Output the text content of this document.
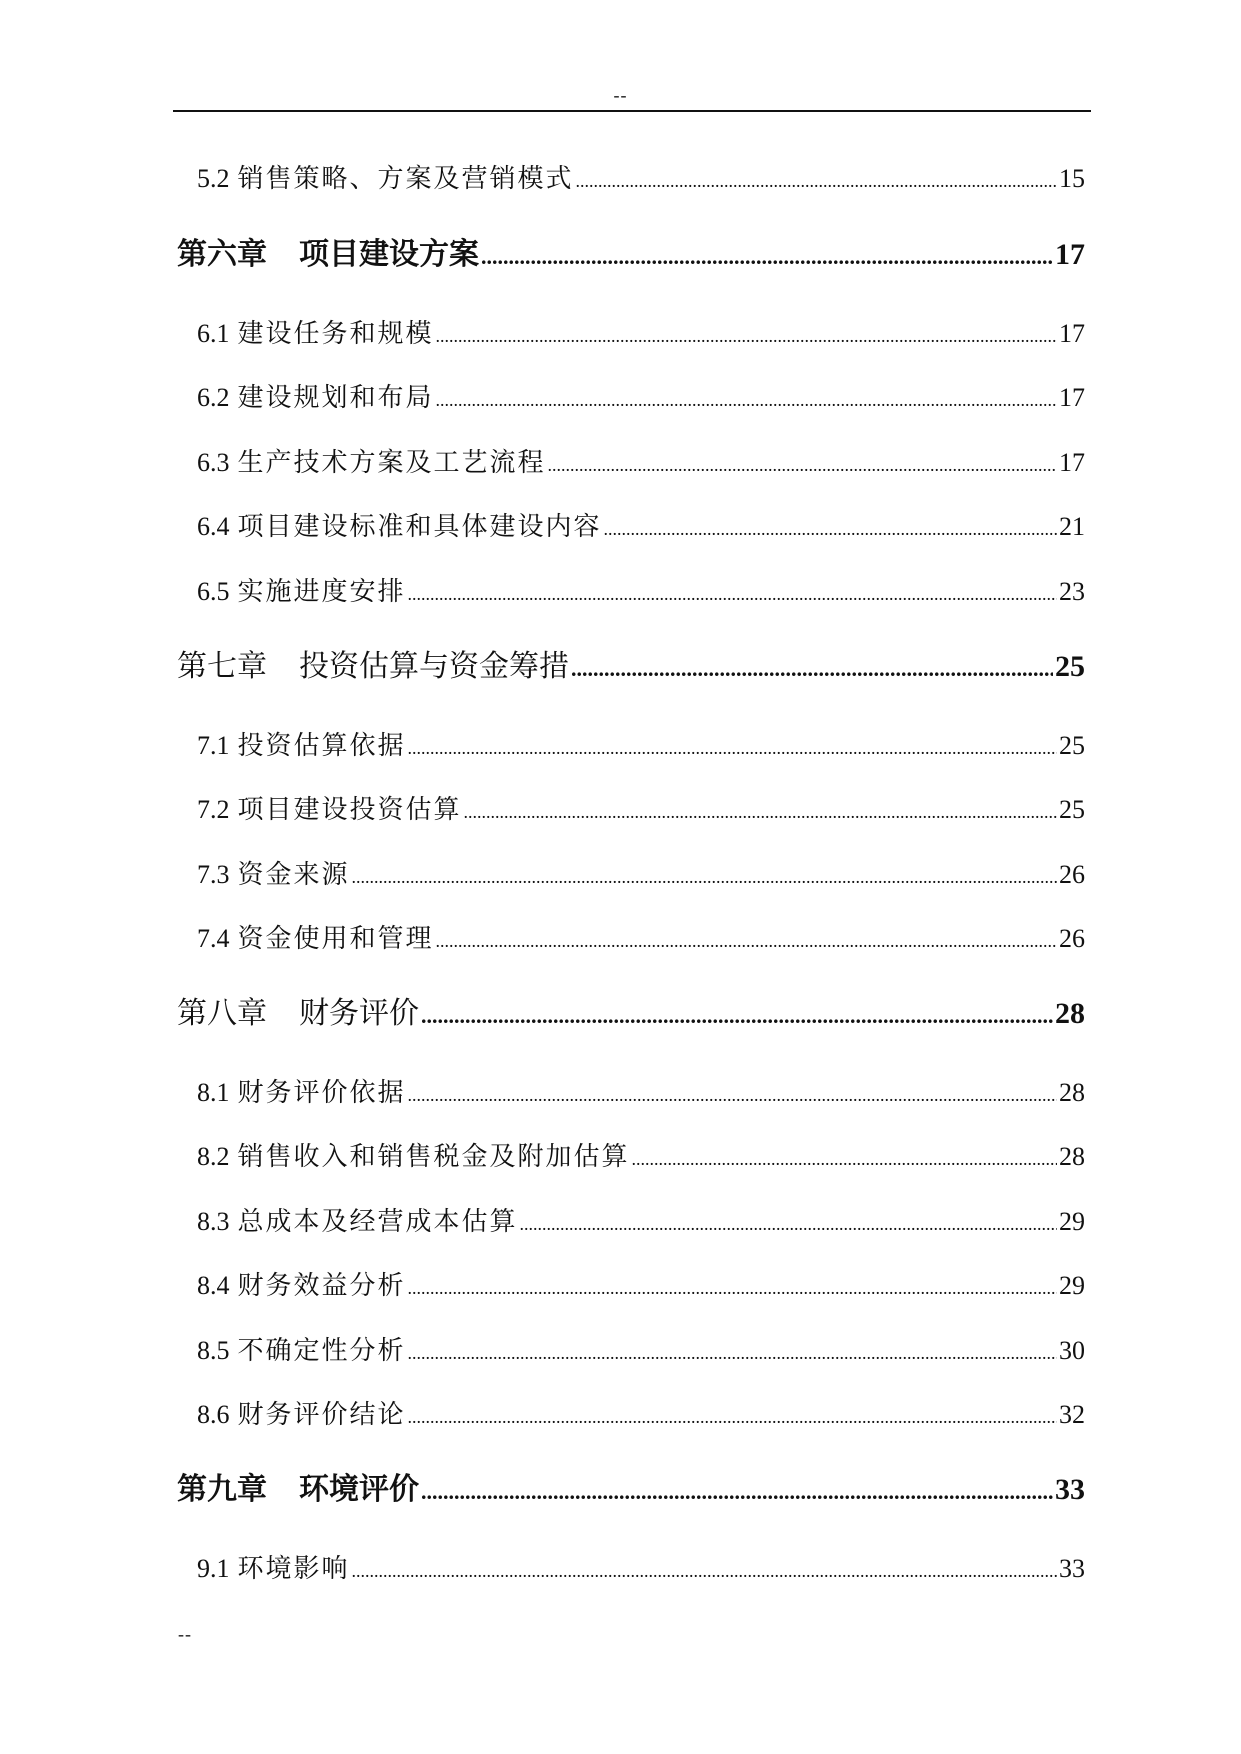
--
5.2 销售策略、方案及营销模式 .....	15
第六章 项目建设方案 .....	17
6.1 建设任务和规模 .....	17
6.2 建设规划和布局 .....	17
6.3 生产技术方案及工艺流程 .....	17
6.4 项目建设标准和具体建设内容 .....	21
6.5 实施进度安排 .....	23
第七章 投资估算与资金筹措 .....	25
7.1 投资估算依据 .....	25
7.2 项目建设投资估算 .....	25
7.3 资金来源 .....	26
7.4 资金使用和管理 .....	26
第八章 财务评价 .....	28
8.1 财务评价依据 .....	28
8.2 销售收入和销售税金及附加估算 .....	28
8.3 总成本及经营成本估算 .....	29
8.4 财务效益分析 .....	29
8.5 不确定性分析 .....	30
8.6 财务评价结论 .....	32
第九章 环境评价 .....	33
9.1 环境影响 .....	33
--
